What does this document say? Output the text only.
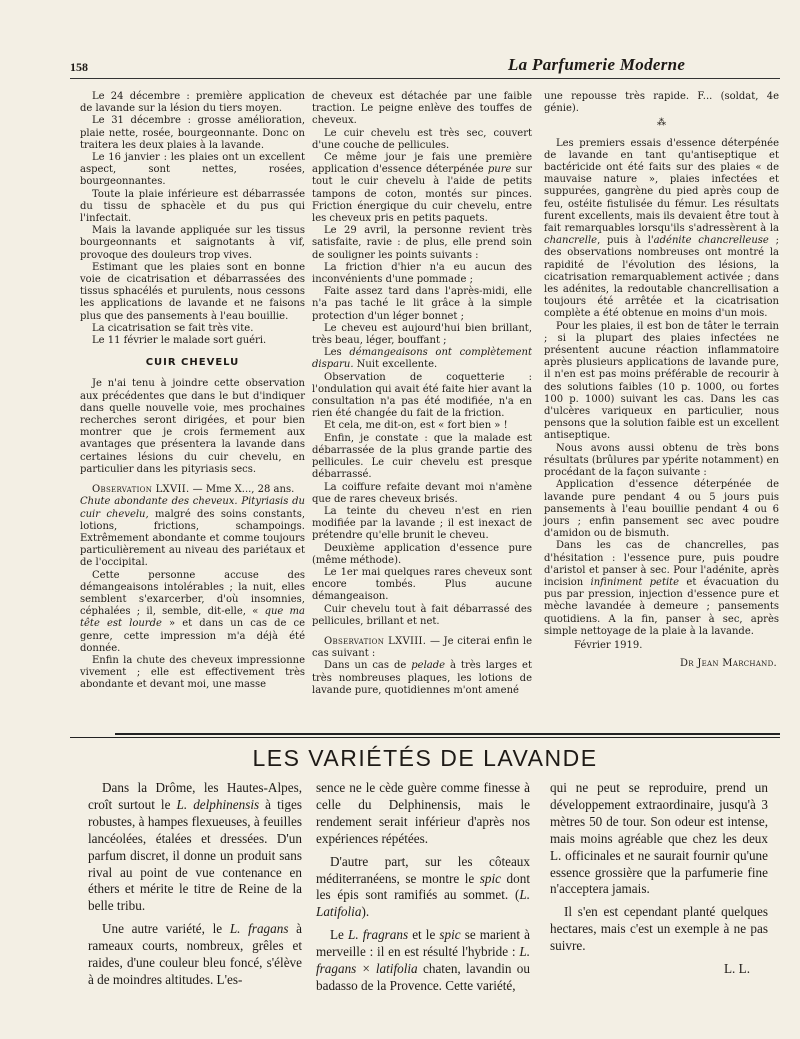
158	La Parfumerie Moderne

Le 24 décembre : première application de lavande sur la lésion du tiers moyen.

Le 31 décembre : grosse amélioration, plaie nette, rosée, bourgeonnante. Donc on traitera les deux plaies à la lavande.

Le 16 janvier : les plaies ont un excellent aspect, sont nettes, rosées, bourgeonnantes.

Toute la plaie inférieure est débarrassée du tissu de sphacèle et du pus qui l'infectait.

Mais la lavande appliquée sur les tissus bourgeonnants et saignotants à vif, provoque des douleurs trop vives.

Estimant que les plaies sont en bonne voie de cicatrisation et débarrassées des tissus sphacélés et purulents, nous cessons les applications de lavande et ne faisons plus que des pansements à l'eau bouillie.

La cicatrisation se fait très vite.

Le 11 février le malade sort guéri.

CUIR CHEVELU

Je n'ai tenu à joindre cette observation aux précédentes que dans le but d'indiquer dans quelle nouvelle voie, mes prochaines recherches seront dirigées, et pour bien montrer que je crois fermement aux avantages que présentera la lavande dans certaines lésions du cuir chevelu, en particulier dans les pityriasis secs.

Observation LXVII. — Mme X..., 28 ans.

Chute abondante des cheveux. Pityriasis du cuir chevelu, malgré des soins constants, lotions, frictions, schampoings. Extrêmement abondante et comme toujours particulièrement au niveau des pariétaux et de l'occipital.

Cette personne accuse des démangeaisons intolérables ; la nuit, elles semblent s'exarcerber, d'où insomnies, céphalées ; il, semble, dit-elle, « que ma tête est lourde » et dans un cas de ce genre, cette impression m'a déjà été donnée.

Enfin la chute des cheveux impressionne vivement ; elle est effectivement très abondante et devant moi, une masse

de cheveux est détachée par une faible traction. Le peigne enlève des touffes de cheveux.

Le cuir chevelu est très sec, couvert d'une couche de pellicules.

Ce même jour je fais une première application d'essence déterpénée pure sur tout le cuir chevelu à l'aide de petits tampons de coton, montés sur pinces. Friction énergique du cuir chevelu, entre les cheveux pris en petits paquets.

Le 29 avril, la personne revient très satisfaite, ravie : de plus, elle prend soin de souligner les points suivants :

La friction d'hier n'a eu aucun des inconvénients d'une pommade ;

Faite assez tard dans l'après-midi, elle n'a pas taché le lit grâce à la simple protection d'un léger bonnet ;

Le cheveu est aujourd'hui bien brillant, très beau, léger, bouffant ;

Les démangeaisons ont complètement disparu. Nuit excellente.

Observation de coquetterie : l'ondulation qui avait été faite hier avant la consultation n'a pas été modifiée, n'a en rien été changée du fait de la friction.

Et cela, me dit-on, est « fort bien » !

Enfin, je constate : que la malade est débarrassée de la plus grande partie des pellicules. Le cuir chevelu est presque débarrassé.

La coiffure refaite devant moi n'amène que de rares cheveux brisés.

La teinte du cheveu n'est en rien modifiée par la lavande ; il est inexact de prétendre qu'elle brunit le cheveu.

Deuxième application d'essence pure (même méthode).

Le 1er mai quelques rares cheveux sont encore tombés. Plus aucune démangeaison.

Cuir chevelu tout à fait débarrassé des pellicules, brillant et net.

Observation LXVIII. — Je citerai enfin le cas suivant :

Dans un cas de pelade à très larges et très nombreuses plaques, les lotions de lavande pure, quotidiennes m'ont amené

une repousse très rapide. F... (soldat, 4e génie).

⁂

Les premiers essais d'essence déterpénée de lavande en tant qu'antiseptique et bactéricide ont été faits sur des plaies « de mauvaise nature », plaies infectées et suppurées, gangrène du pied après coup de feu, ostéite fistulisée du fémur. Les résultats furent excellents, mais ils devaient être tout à fait remarquables lorsqu'ils s'adressèrent à la chancrelle, puis à l'adénite chancrelleuse ; des observations nombreuses ont montré la rapidité de l'évolution des lésions, la cicatrisation remarquablement activée ; dans les adénites, la redoutable chancrellisation a toujours été arrêtée et la cicatrisation complète a été obtenue en moins d'un mois.

Pour les plaies, il est bon de tâter le terrain ; si la plupart des plaies infectées ne présentent aucune réaction inflammatoire après plusieurs applications de lavande pure, il n'en est pas moins préférable de recourir à des solutions faibles (10 p. 1000, ou fortes 100 p. 1000) suivant les cas. Dans les cas d'ulcères variqueux en particulier, nous pensons que la solution faible est un excellent antiseptique.

Nous avons aussi obtenu de très bons résultats (brûlures par ypérite notamment) en procédant de la façon suivante :

Application d'essence déterpénée de lavande pure pendant 4 ou 5 jours puis pansements à l'eau bouillie pendant 4 ou 6 jours ; enfin pansement sec avec poudre d'amidon ou de bismuth.

Dans les cas de chancrelles, pas d'hésitation : l'essence pure, puis poudre d'aristol et panser à sec. Pour l'adénite, après incision infiniment petite et évacuation du pus par pression, injection d'essence pure et mèche lavandée à demeure ; pansements quotidiens. A la fin, panser à sec, après simple nettoyage de la plaie à la lavande.

Février 1919.

Dr Jean Marchand.

LES VARIÉTÉS DE LAVANDE

Dans la Drôme, les Hautes-Alpes, croît surtout le L. delphinensis à tiges robustes, à hampes flexueuses, à feuilles lancéolées, étalées et dressées. D'un parfum discret, il donne un produit sans rival au point de vue contenance en éthers et mérite le titre de Reine de la belle tribu.

Une autre variété, le L. fragans à rameaux courts, nombreux, grêles et raides, d'une couleur bleu foncé, s'élève à de moindres altitudes. L'es-

sence ne le cède guère comme finesse à celle du Delphinensis, mais le rendement serait inférieur d'après nos expériences répétées.

D'autre part, sur les côteaux méditerranéens, se montre le spic dont les épis sont ramifiés au sommet. (L. Latifolia).

Le L. fragrans et le spic se marient à merveille : il en est résulté l'hybride : L. fragans × latifolia chaten, lavandin ou badasso de la Provence. Cette variété,

qui ne peut se reproduire, prend un développement extraordinaire, jusqu'à 3 mètres 50 de tour. Son odeur est intense, mais moins agréable que chez les deux L. officinales et ne saurait fournir qu'une essence grossière que la parfumerie fine n'acceptera jamais.

Il s'en est cependant planté quelques hectares, mais c'est un exemple à ne pas suivre.

L. L.
